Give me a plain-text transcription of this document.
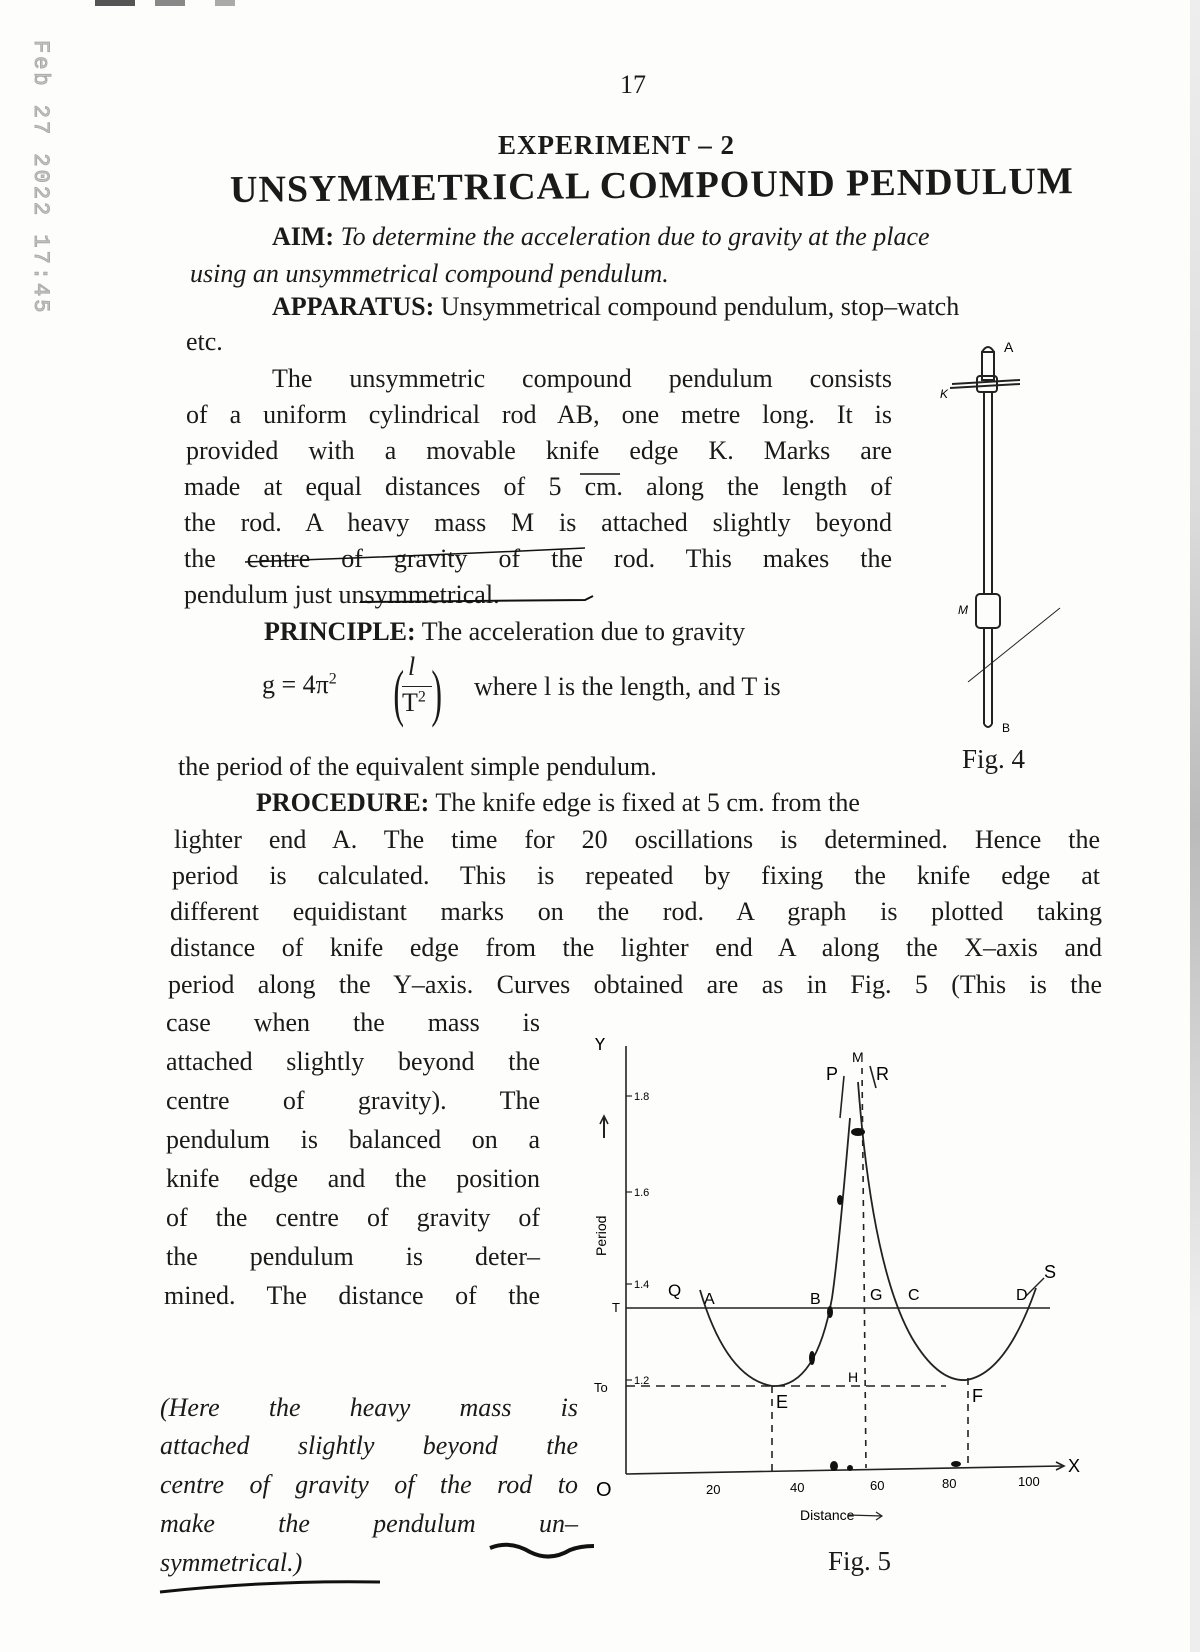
Feb 27 2022 17:45	17
EXPERIMENT – 2
UNSYMMETRICAL COMPOUND PENDULUM
AIM: To determine the acceleration due to gravity at the place
using an unsymmetrical compound pendulum.
APPARATUS: Unsymmetrical compound pendulum, stop–watch
etc.
The unsymmetric compound pendulum consists
of a uniform cylindrical rod AB, one metre long. It is
provided with a movable knife edge K. Marks are
made at equal distances of 5 cm. along the length of
the rod. A heavy mass M is attached slightly beyond
the centre of gravity of the rod. This makes the
pendulum just unsymmetrical.
PRINCIPLE: The acceleration due to gravity
$g = 4\pi^2$ ( l
$T^2$ ) where l is the length, and T is
the period of the equivalent simple pendulum.
A
K
M
B
Fig. 4
PROCEDURE: The knife edge is fixed at 5 cm. from the
lighter end A. The time for 20 oscillations is determined. Hence the
period is calculated. This is repeated by fixing the knife edge at
different equidistant marks on the rod. A graph is plotted taking
distance of knife edge from the lighter end A along the X–axis and
period along the Y–axis. Curves obtained are as in Fig. 5 (This is the
case when the mass is
attached slightly beyond the
centre of gravity). The
pendulum is balanced on a
knife edge and the position
of the centre of gravity of
the pendulum is deter–
mined. The distance of the
(Here the heavy mass is
attached slightly beyond the
centre of gravity of the rod to
make the pendulum un–
symmetrical.)
Y
X
O
Period
Distance
1.8
1.6
1.4
1.2
T
To
20	40	60	80	100
P
M
R
Q A	B	G C	D
S
H
E	F
Fig. 5
